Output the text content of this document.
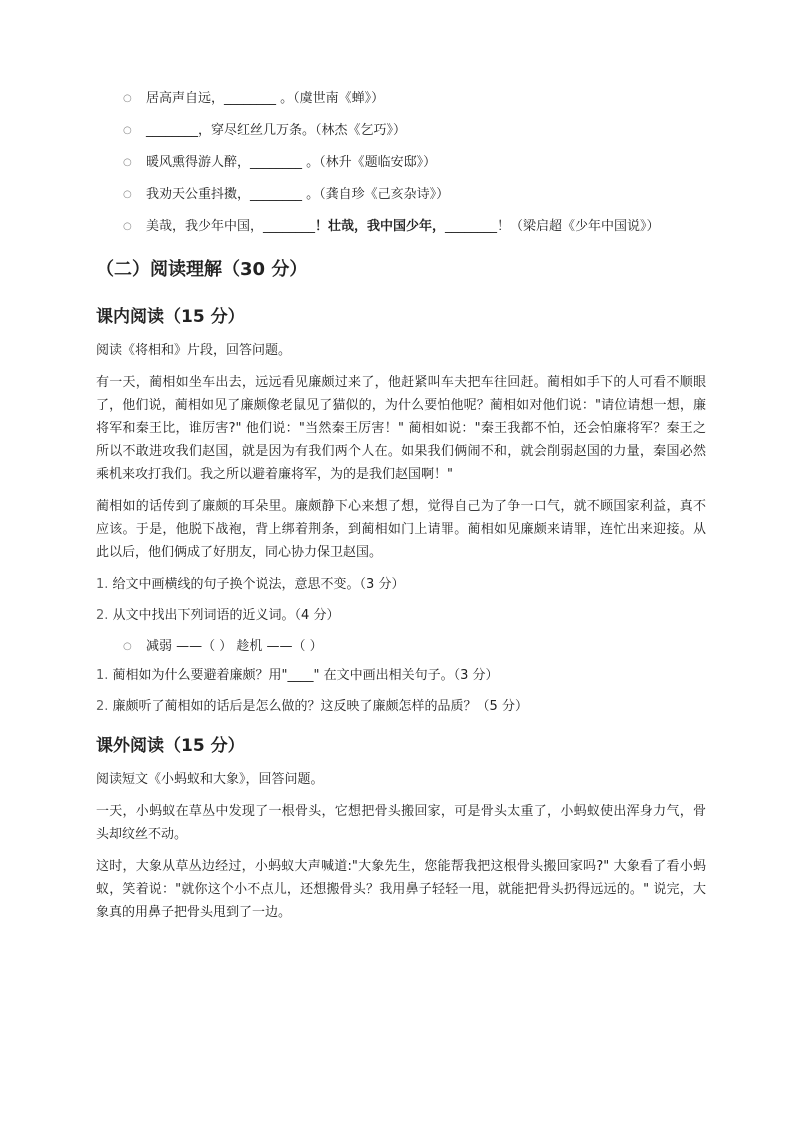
○ 居高声自远，________ 。（虞世南《蝉》）
○ ________，穿尽红丝几万条。（林杰《乞巧》）
○ 暖风熏得游人醉，________ 。（林升《题临安邸》）
○ 我劝天公重抖擞，________ 。（龚自珍《己亥杂诗》）
○ 美哉，我少年中国，________！壮哉，我中国少年，________！（梁启超《少年中国说》）
（二）阅读理解（30 分）
课内阅读（15 分）

阅读《将相和》片段，回答问题。

有一天，蔺相如坐车出去，远远看见廉颇过来了，他赶紧叫车夫把车往回赶。蔺相如手下的人可看不顺眼了，他们说，蔺相如见了廉颇像老鼠见了猫似的，为什么要怕他呢？蔺相如对他们说："请位请想一想，廉将军和秦王比，谁厉害?" 他们说："当然秦王厉害！" 蔺相如说："秦王我都不怕，还会怕廉将军？秦王之所以不敢进攻我们赵国，就是因为有我们两个人在。如果我们俩闹不和，就会削弱赵国的力量，秦国必然乘机来攻打我们。我之所以避着廉将军，为的是我们赵国啊！"

蔺相如的话传到了廉颇的耳朵里。廉颇静下心来想了想，觉得自己为了争一口气，就不顾国家利益，真不应该。于是，他脱下战袍，背上绑着荆条，到蔺相如门上请罪。蔺相如见廉颇来请罪，连忙出来迎接。从此以后，他们俩成了好朋友，同心协力保卫赵国。

1. 给文中画横线的句子换个说法，意思不变。（3 分）
2. 从文中找出下列词语的近义词。（4 分）
○ 减弱 ——（ ） 趁机 ——（ ）
1. 蔺相如为什么要避着廉颇？用"____" 在文中画出相关句子。（3 分）
2. 廉颇听了蔺相如的话后是怎么做的？这反映了廉颇怎样的品质？（5 分）
课外阅读（15 分）

阅读短文《小蚂蚁和大象》，回答问题。

一天，小蚂蚁在草丛中发现了一根骨头，它想把骨头搬回家，可是骨头太重了，小蚂蚁使出浑身力气，骨头却纹丝不动。

这时，大象从草丛边经过，小蚂蚁大声喊道:"大象先生，您能帮我把这根骨头搬回家吗?" 大象看了看小蚂蚁，笑着说："就你这个小不点儿，还想搬骨头？我用鼻子轻轻一甩，就能把骨头扔得远远的。" 说完，大象真的用鼻子把骨头甩到了一边。
